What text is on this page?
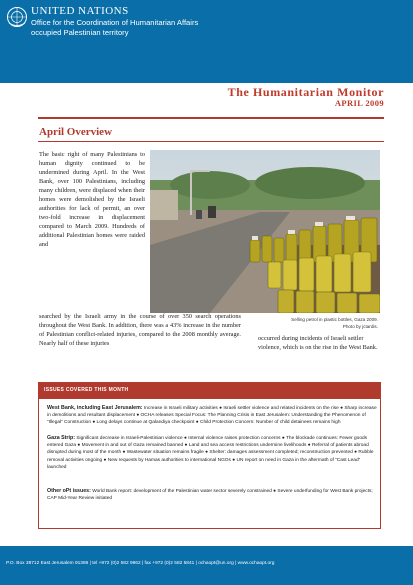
UNITED NATIONS
Office for the Coordination of Humanitarian Affairs
occupied Palestinian territory
The Humanitarian Monitor
APRIL 2009
April Overview

The basic right of many Palestinians to human dignity continued to be undermined during April. In the West Bank, over 100 Palestinians, including many children, were displaced when their homes were demolished by the Israeli authorities for lack of permit, an over two-fold increase in displacement compared to March 2009. Hundreds of additional Palestinian homes were raided and

Selling petrol in plastic bottles, Gaza 2009.
Photo by jctardis.

searched by the Israeli army in the course of over 350 search operations throughout the West Bank. In addition, there was a 43% increase in the number of Palestinian conflict-related injuries, compared to the 2008 monthly average. Nearly half of these injuries

occurred during incidents of Israeli settler violence, which is on the rise in the West Bank.

ISSUES COVERED THIS MONTH

West Bank, including East Jerusalem: Increase in Israeli military activities ● Israeli settler violence and related incidents on the rise ● Sharp increase in demolitions and resultant displacement ● OCHA releases Special Focus: The Planning Crisis in East Jerusalem: Understanding the Phenomenon of “Illegal” Construction ● Long delays continue at Qalandiya checkpoint ● Child Protection Concern: Number of child detainees remains high

Gaza Strip: Significant decrease in Israeli-Palestinian violence ● Internal violence raises protection concerns ● The blockade continues: Fewer goods entered Gaza ● Movement in and out of Gaza remained banned ● Land and sea access restrictions undermine livelihoods ● Referral of patients abroad disrupted during most of the month ● Wastewater situation remains fragile ● Shelter: damages assessment completed; reconstruction prevented ● Rubble removal activities ongoing ● New requests by Hamas authorities to international NGOs ● UN report on need in Gaza in the aftermath of “Cast Lead” launched

Other oPt issues: World Bank report: development of the Palestinian water sector severely constrained ● Severe underfunding for West Bank projects; CAP Mid-Year Review initiated

P.O. Box 38712 East Jerusalem 91386 | tel +972 (0)2 582 9962 | fax +972 (0)2 582 5841 | ochaopt@un.org | www.ochaopt.org
